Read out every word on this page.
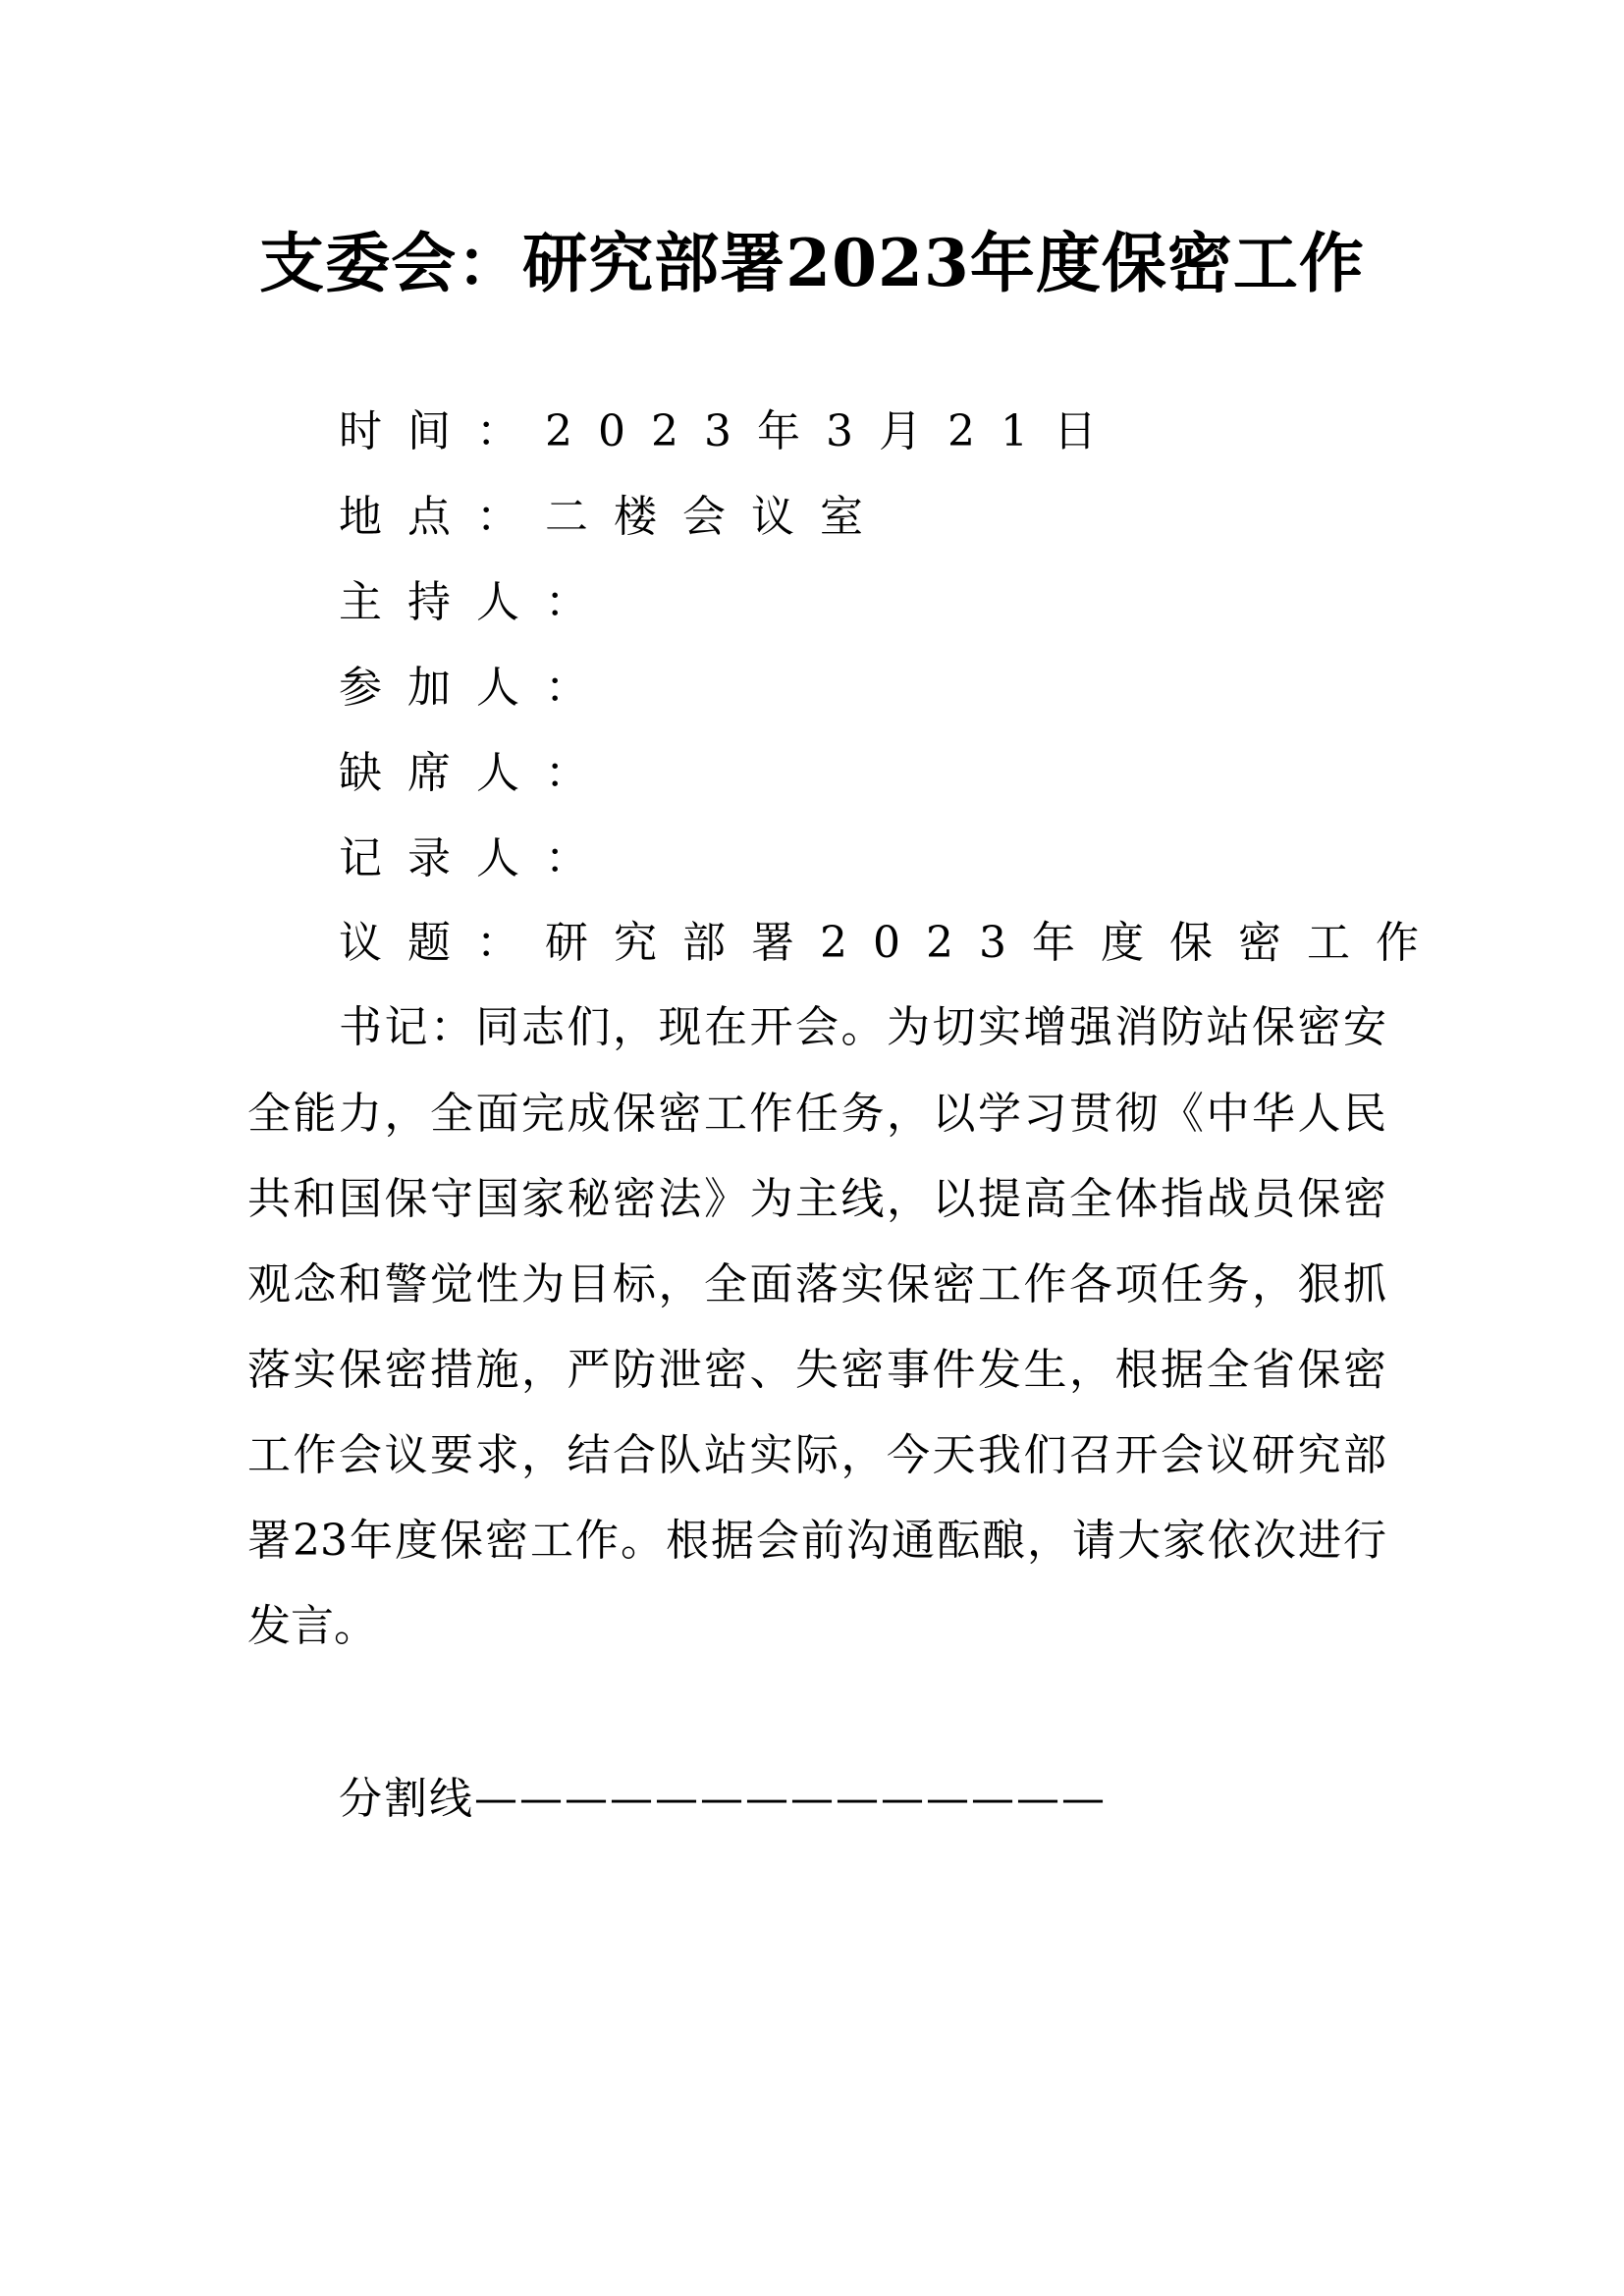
支委会：研究部署2023年度保密工作
时间：2023年3月21日
地点：二楼会议室
主持人：
参加人：
缺席人：
记录人：
议题：研究部署2023年度保密工作
书记：同志们，现在开会。为切实增强消防站保密安
全能力，全面完成保密工作任务，以学习贯彻《中华人民
共和国保守国家秘密法》为主线，以提高全体指战员保密
观念和警觉性为目标，全面落实保密工作各项任务，狠抓
落实保密措施，严防泄密、失密事件发生，根据全省保密
工作会议要求，结合队站实际，今天我们召开会议研究部
署23年度保密工作。根据会前沟通酝酿，请大家依次进行
发言。
分割线——————————————
